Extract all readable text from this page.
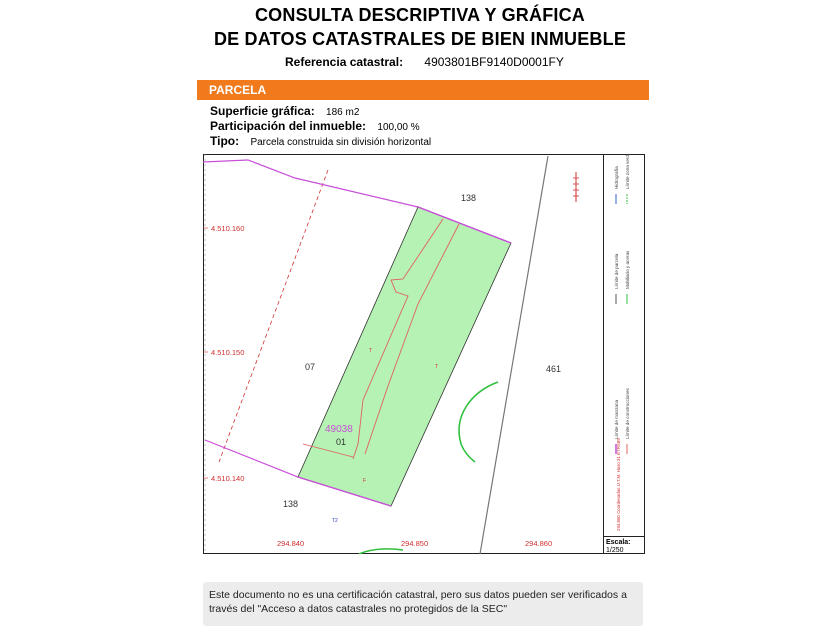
CONSULTA DESCRIPTIVA Y GRÁFICA
DE DATOS CATASTRALES DE BIEN INMUEBLE
Referencia catastral: 4903801BF9140D0001FY
PARCELA
Superficie gráfica: 186 m2
Participación del inmueble: 100,00 %
Tipo: Parcela construida sin división horizontal
138
07	461
49038
01
138
T
T
F
T2
4.510.160
4.510.150
4.510.140
294.840	294.850	294.860
Límite de manzana
Límite de parcela
Límite de construcciones
Mobiliario y aceras
Límite zona verde
Hidrografía
294.860 Coordenadas U.T.M. Huso 31 ETRS89
Escala:
1/250
Este documento no es una certificación catastral, pero sus datos pueden ser verificados a
través del "Acceso a datos catastrales no protegidos de la SEC"
